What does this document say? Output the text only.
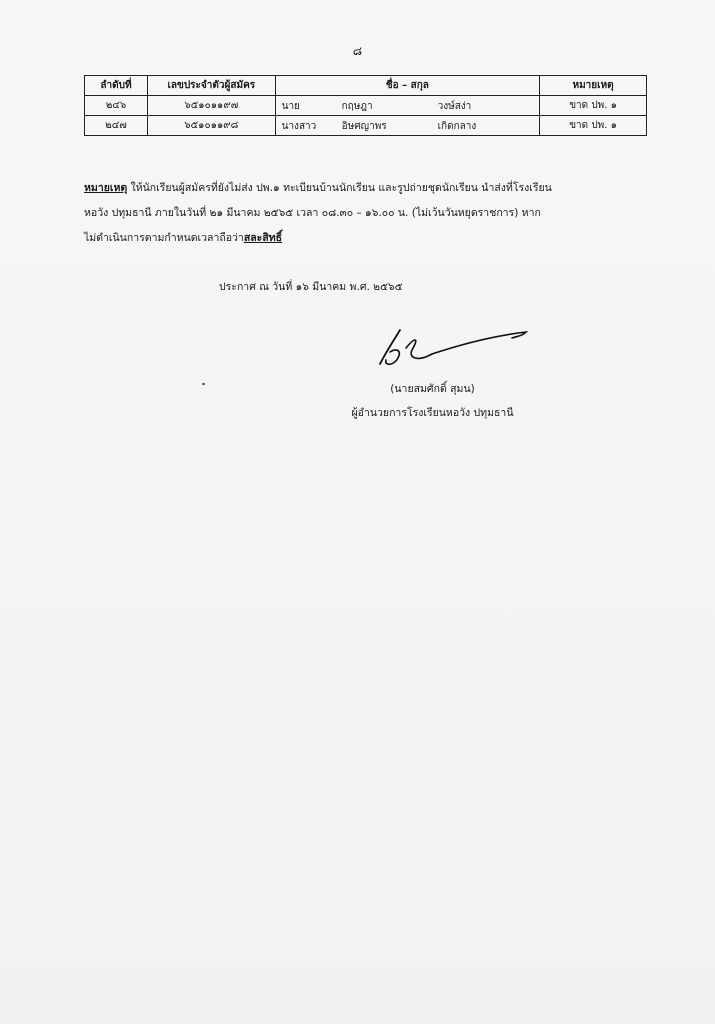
๘
ลำดับที่	เลขประจำตัวผู้สมัคร	ชื่อ – สกุล	หมายเหตุ
๒๔๖	๖๕๑๐๑๑๙๗	นาย กฤษฎา วงษ์สง่า	ขาด ปพ. ๑
๒๔๗	๖๕๑๐๑๑๙๘	นางสาว อิษศญาพร เกิดกลาง	ขาด ปพ. ๑
หมายเหตุ ให้นักเรียนผู้สมัครที่ยังไม่ส่ง ปพ.๑ ทะเบียนบ้านนักเรียน และรูปถ่ายชุดนักเรียน นำส่งที่โรงเรียน
หอวัง ปทุมธานี ภายในวันที่ ๒๑ มีนาคม ๒๕๖๕ เวลา ๐๘.๓๐ – ๑๖.๐๐ น. (ไม่เว้นวันหยุดราชการ) หาก
ไม่ดำเนินการตามกำหนดเวลาถือว่าสละสิทธิ์
ประกาศ ณ วันที่ ๑๖ มีนาคม พ.ศ. ๒๕๖๕
(นายสมศักดิ์ สุมน)
ผู้อำนวยการโรงเรียนหอวัง ปทุมธานี
